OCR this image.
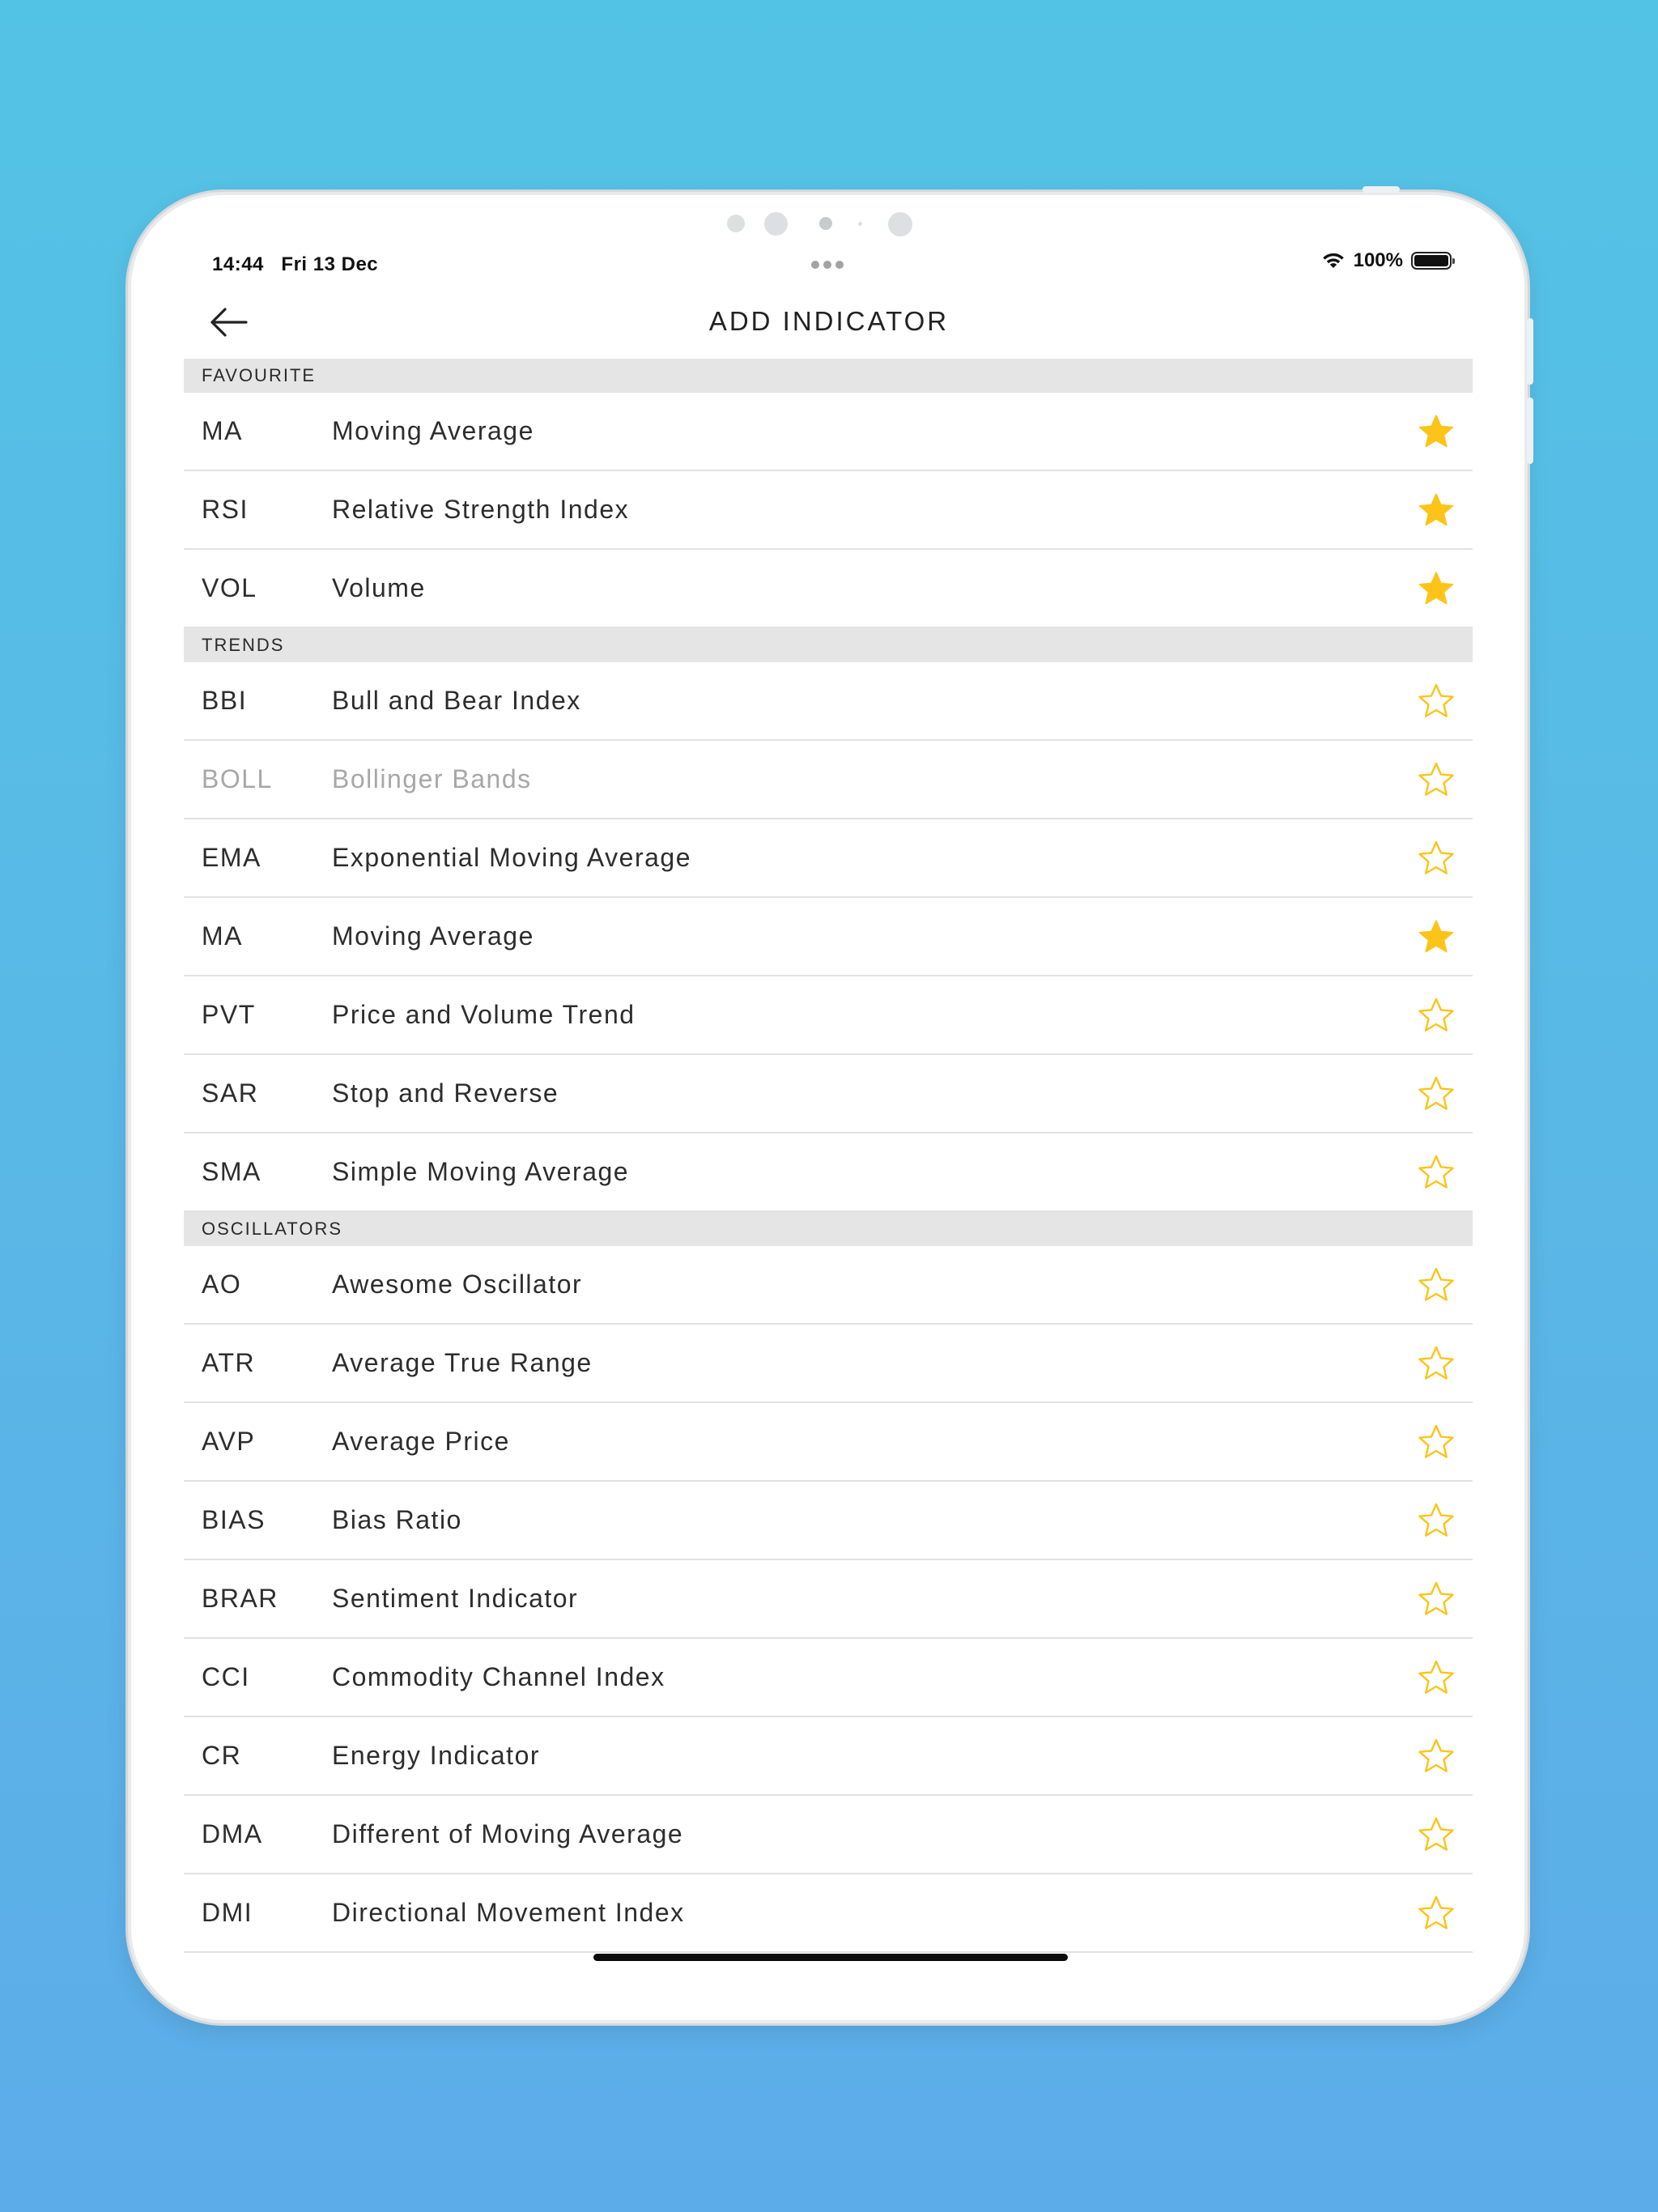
14:44 Fri 13 Dec	100%
ADD INDICATOR
FAVOURITE
MA	Moving Average
RSI	Relative Strength Index
VOL	Volume
TRENDS
BBI	Bull and Bear Index
BOLL Bollinger Bands
EMA	Exponential Moving Average
MA	Moving Average
PVT	Price and Volume Trend
SAR	Stop and Reverse
SMA	Simple Moving Average
OSCILLATORS
AO	Awesome Oscillator
ATR	Average True Range
AVP	Average Price
BIAS	Bias Ratio
BRAR Sentiment Indicator
CCI	Commodity Channel Index
CR	Energy Indicator
DMA	Different of Moving Average
DMI	Directional Movement Index
